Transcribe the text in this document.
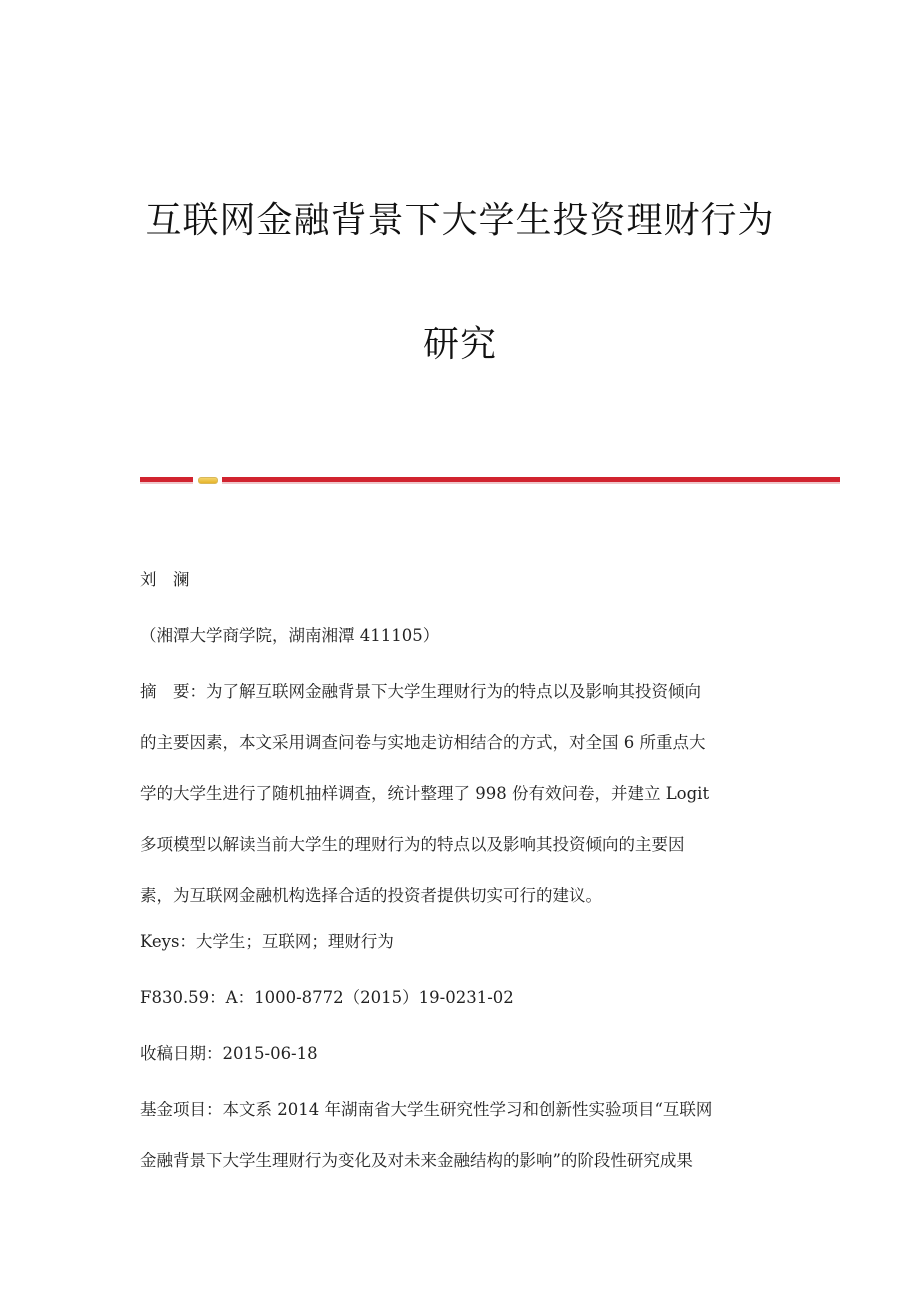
互联网金融背景下大学生投资理财行为
研究
刘　澜
（湘潭大学商学院，湖南湘潭 411105）
摘　要：为了解互联网金融背景下大学生理财行为的特点以及影响其投资倾向
的主要因素，本文采用调查问卷与实地走访相结合的方式，对全国 6 所重点大
学的大学生进行了随机抽样调查，统计整理了 998 份有效问卷，并建立 Logit
多项模型以解读当前大学生的理财行为的特点以及影响其投资倾向的主要因
素，为互联网金融机构选择合适的投资者提供切实可行的建议。
Keys：大学生；互联网；理财行为
F830.59：A：1000-8772（2015）19-0231-02
收稿日期：2015-06-18
基金项目：本文系 2014 年湖南省大学生研究性学习和创新性实验项目“互联网
金融背景下大学生理财行为变化及对未来金融结构的影响”的阶段性研究成果
